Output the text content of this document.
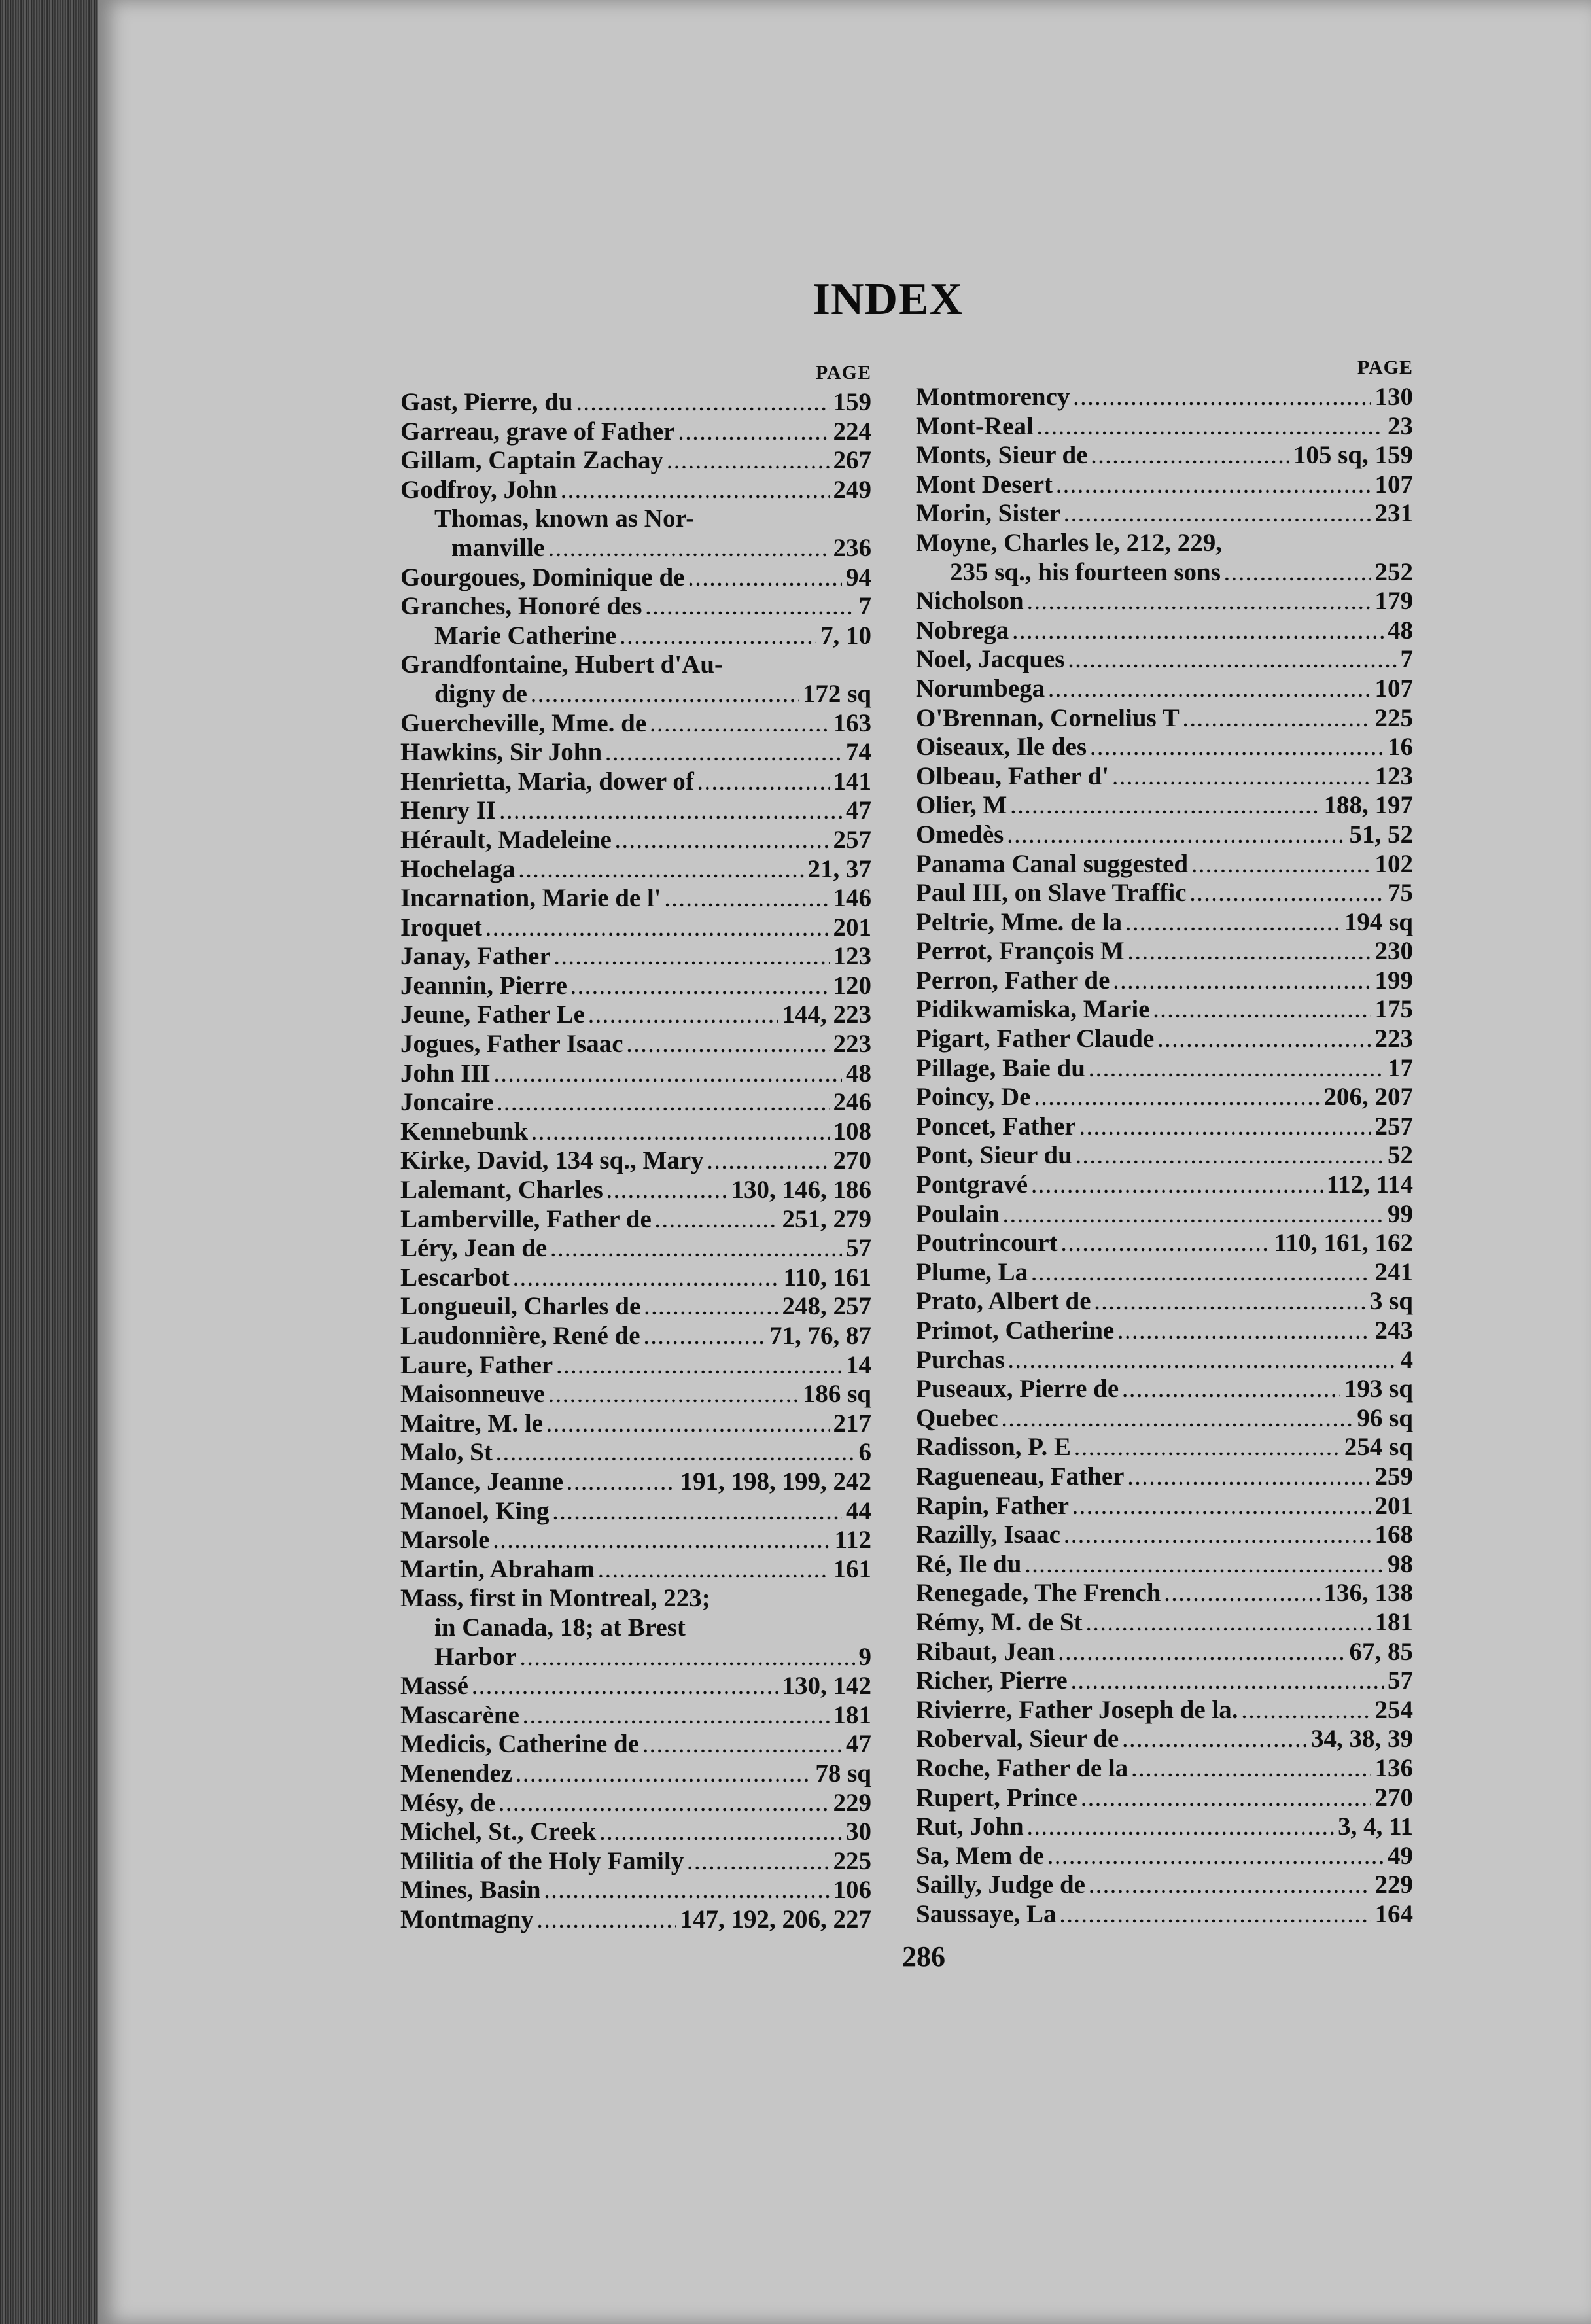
INDEX
PAGE
Gast, Pierre, du .....	159
Garreau, grave of Father .....	224
Gillam, Captain Zachay .....	267
Godfroy, John .....	249
Thomas, known as Nor-
manville .....	236
Gourgoues, Dominique de .....	94
Granches, Honoré des .....	7
Marie Catherine .....	7, 10
Grandfontaine, Hubert d'Au-
digny de .....	172 sq
Guercheville, Mme. de .....	163
Hawkins, Sir John .....	74
Henrietta, Maria, dower of .....	141
Henry II .....	47
Hérault, Madeleine .....	257
Hochelaga .....	21, 37
Incarnation, Marie de l' .....	146
Iroquet .....	201
Janay, Father .....	123
Jeannin, Pierre .....	120
Jeune, Father Le .....	144, 223
Jogues, Father Isaac .....	223
John III .....	48
Joncaire .....	246
Kennebunk .....	108
Kirke, David, 134 sq., Mary .....	270
Lalemant, Charles .....	130, 146, 186
Lamberville, Father de .....	251, 279
Léry, Jean de .....	57
Lescarbot .....	110, 161
Longueuil, Charles de .....	248, 257
Laudonnière, René de .....	71, 76, 87
Laure, Father .....	14
Maisonneuve .....	186 sq
Maitre, M. le .....	217
Malo, St .....	6
Mance, Jeanne .....	191, 198, 199, 242
Manoel, King .....	44
Marsole .....	112
Martin, Abraham .....	161
Mass, first in Montreal, 223;
in Canada, 18; at Brest
Harbor .....	9
Massé .....	130, 142
Mascarène .....	181
Medicis, Catherine de .....	47
Menendez .....	78 sq
Mésy, de .....	229
Michel, St., Creek .....	30
Militia of the Holy Family .....	225
Mines, Basin .....	106
Montmagny .....	147, 192, 206, 227
PAGE
Montmorency .....	130
Mont-Real .....	23
Monts, Sieur de .....	105 sq, 159
Mont Desert .....	107
Morin, Sister .....	231
Moyne, Charles le, 212, 229,
235 sq., his fourteen sons .....	252
Nicholson .....	179
Nobrega .....	48
Noel, Jacques .....	7
Norumbega .....	107
O'Brennan, Cornelius T .....	225
Oiseaux, Ile des .....	16
Olbeau, Father d' .....	123
Olier, M .....	188, 197
Omedès .....	51, 52
Panama Canal suggested .....	102
Paul III, on Slave Traffic .....	75
Peltrie, Mme. de la .....	194 sq
Perrot, François M .....	230
Perron, Father de .....	199
Pidikwamiska, Marie .....	175
Pigart, Father Claude .....	223
Pillage, Baie du .....	17
Poincy, De .....	206, 207
Poncet, Father .....	257
Pont, Sieur du .....	52
Pontgravé .....	112, 114
Poulain .....	99
Poutrincourt .....	110, 161, 162
Plume, La .....	241
Prato, Albert de .....	3 sq
Primot, Catherine .....	243
Purchas .....	4
Puseaux, Pierre de .....	193 sq
Quebec .....	96 sq
Radisson, P. E .....	254 sq
Ragueneau, Father .....	259
Rapin, Father .....	201
Razilly, Isaac .....	168
Ré, Ile du .....	98
Renegade, The French .....	136, 138
Rémy, M. de St .....	181
Ribaut, Jean .....	67, 85
Richer, Pierre .....	57
Rivierre, Father Joseph de la. .....	254
Roberval, Sieur de .....	34, 38, 39
Roche, Father de la .....	136
Rupert, Prince .....	270
Rut, John .....	3, 4, 11
Sa, Mem de .....	49
Sailly, Judge de .....	229
Saussaye, La .....	164
286
